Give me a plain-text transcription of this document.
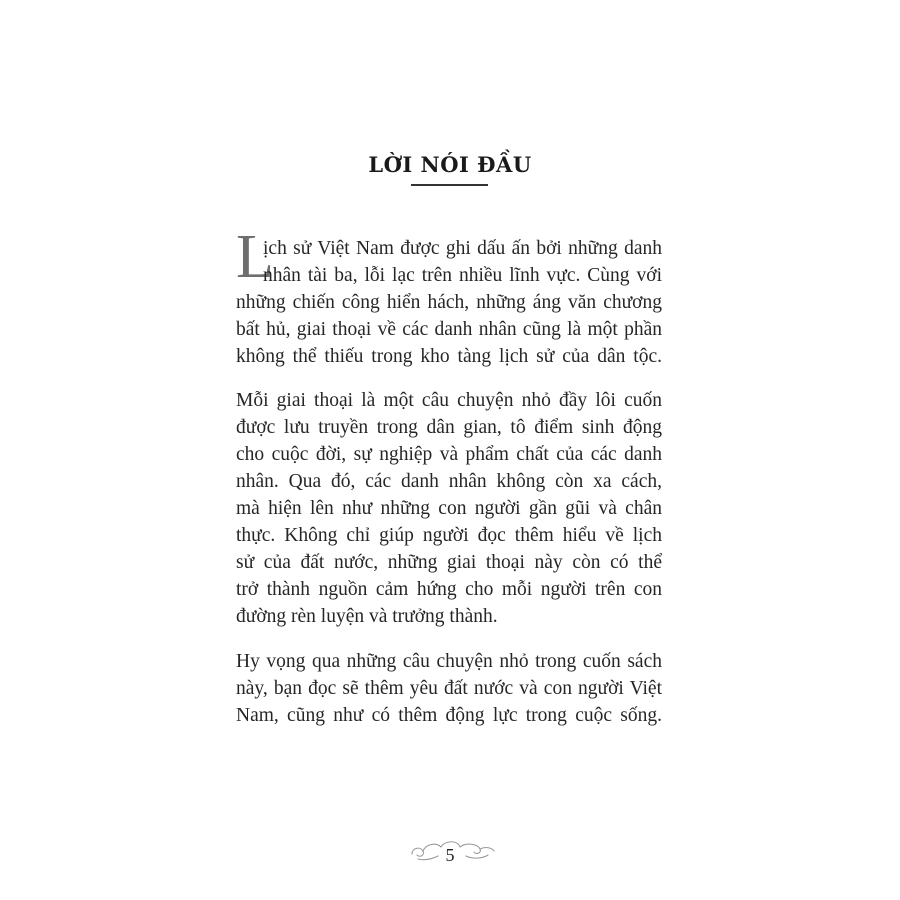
LỜI NÓI ĐẦU
L
ịch sử Việt Nam được ghi dấu ấn bởi những danh
nhân tài ba, lỗi lạc trên nhiều lĩnh vực. Cùng với
những chiến công hiển hách, những áng văn chương
bất hủ, giai thoại về các danh nhân cũng là một phần
không thể thiếu trong kho tàng lịch sử của dân tộc.
Mỗi giai thoại là một câu chuyện nhỏ đầy lôi cuốn
được lưu truyền trong dân gian, tô điểm sinh động
cho cuộc đời, sự nghiệp và phẩm chất của các danh
nhân. Qua đó, các danh nhân không còn xa cách,
mà hiện lên như những con người gần gũi và chân
thực. Không chỉ giúp người đọc thêm hiểu về lịch
sử của đất nước, những giai thoại này còn có thể
trở thành nguồn cảm hứng cho mỗi người trên con
đường rèn luyện và trưởng thành.
Hy vọng qua những câu chuyện nhỏ trong cuốn sách
này, bạn đọc sẽ thêm yêu đất nước và con người Việt
Nam, cũng như có thêm động lực trong cuộc sống.
5
